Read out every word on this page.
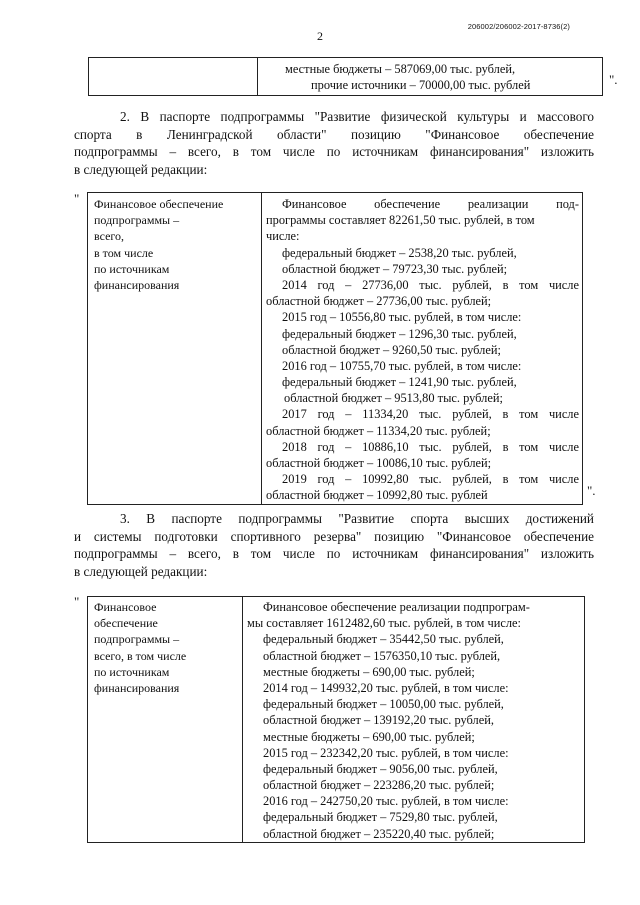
206002/206002-2017-8736(2)
2

местные бюджеты – 587069,00 тыс. рублей,
прочие источники – 70000,00 тыс. рублей	".
2. В паспорте подпрограммы "Развитие физической культуры и массового
спорта в Ленинградской области" позицию "Финансовое обеспечение
подпрограммы – всего, в том числе по источникам финансирования" изложить
в следующей редакции:
" Финансовое обеспечение
подпрограммы –
всего,
в том числе
по источникам
финансирования

Финансовое обеспечение реализации под-
программы составляет 82261,50 тыс. рублей, в том
числе:
федеральный бюджет – 2538,20 тыс. рублей,
областной бюджет – 79723,30 тыс. рублей;
2014 год – 27736,00 тыс. рублей, в том числе
областной бюджет – 27736,00 тыс. рублей;
2015 год – 10556,80 тыс. рублей, в том числе:
федеральный бюджет – 1296,30 тыс. рублей,
областной бюджет – 9260,50 тыс. рублей;
2016 год – 10755,70 тыс. рублей, в том числе:
федеральный бюджет – 1241,90 тыс. рублей,
областной бюджет – 9513,80 тыс. рублей;
2017 год – 11334,20 тыс. рублей, в том числе
областной бюджет – 11334,20 тыс. рублей;
2018 год – 10886,10 тыс. рублей, в том числе
областной бюджет – 10086,10 тыс. рублей;
2019 год – 10992,80 тыс. рублей, в том числе
областной бюджет – 10992,80 тыс. рублей	".
3. В паспорте подпрограммы "Развитие спорта высших достижений
и системы подготовки спортивного резерва" позицию "Финансовое обеспечение
подпрограммы – всего, в том числе по источникам финансирования" изложить
в следующей редакции:
" Финансовое
обеспечение
подпрограммы –
всего, в том числе
по источникам
финансирования

Финансовое обеспечение реализации подпрограм-
мы составляет 1612482,60 тыс. рублей, в том числе:
федеральный бюджет – 35442,50 тыс. рублей,
областной бюджет – 1576350,10 тыс. рублей,
местные бюджеты – 690,00 тыс. рублей;
2014 год – 149932,20 тыс. рублей, в том числе:
федеральный бюджет – 10050,00 тыс. рублей,
областной бюджет – 139192,20 тыс. рублей,
местные бюджеты – 690,00 тыс. рублей;
2015 год – 232342,20 тыс. рублей, в том числе:
федеральный бюджет – 9056,00 тыс. рублей,
областной бюджет – 223286,20 тыс. рублей;
2016 год – 242750,20 тыс. рублей, в том числе:
федеральный бюджет – 7529,80 тыс. рублей,
областной бюджет – 235220,40 тыс. рублей;
